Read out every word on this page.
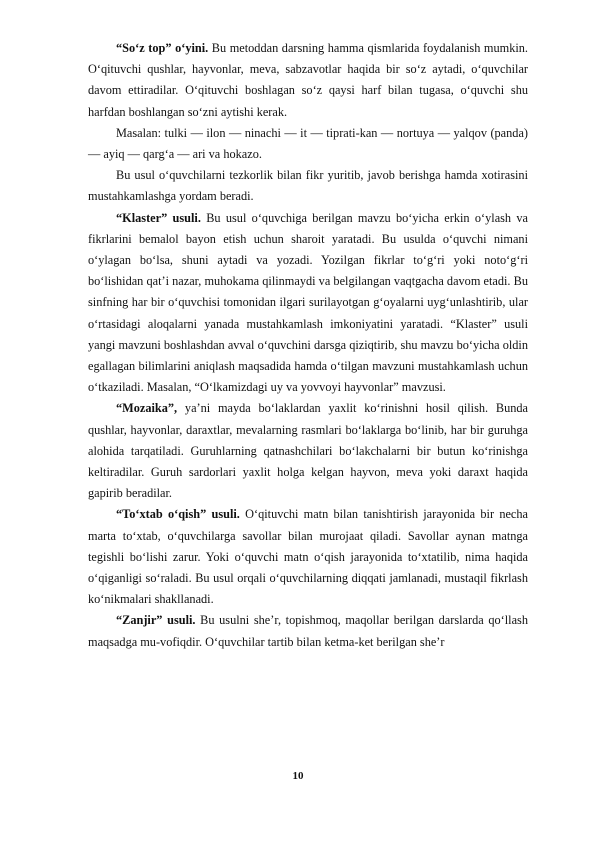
“So‘z top” o‘yini. Bu metoddan darsning hamma qismlarida foydalanish mumkin. O‘qituvchi qushlar, hayvonlar, meva, sabzavotlar haqida bir so‘z aytadi, o‘quvchilar davom ettiradilar. O‘qituvchi boshlagan so‘z qaysi harf bilan tugasa, o‘quvchi shu harfdan boshlangan so‘zni aytishi kerak.

Masalan: tulki — ilon — ninachi — it — tiprati-kan — nortuya — yalqov (panda) — ayiq — qarg‘a — ari va hokazo.

Bu usul o‘quvchilarni tezkorlik bilan fikr yuritib, javob berishga hamda xotirasini mustahkamlashga yordam beradi.

“Klaster” usuli. Bu usul o‘quvchiga berilgan mavzu bo‘yicha erkin o‘ylash va fikrlarini bemalol bayon etish uchun sharoit yaratadi. Bu usulda o‘quvchi nimani o‘ylagan bo‘lsa, shuni aytadi va yozadi. Yozilgan fikrlar to‘g‘ri yoki noto‘g‘ri bo‘lishidan qat’i nazar, muhokama qilinmaydi va belgilangan vaqtgacha davom etadi. Bu sinfning har bir o‘quvchisi tomonidan ilgari surilayotgan g‘oyalarni uyg‘unlashtirib, ular o‘rtasidagi aloqalarni yanada mustahkamlash imkoniyatini yaratadi. “Klaster” usuli yangi mavzuni boshlashdan avval o‘quvchini darsga qiziqtirib, shu mavzu bo‘yicha oldin egallagan bilimlarini aniqlash maqsadida hamda o‘tilgan mavzuni mustahkamlash uchun o‘tkaziladi. Masalan, “O‘lkamizdagi uy va yovvoyi hayvonlar” mavzusi.

“Mozaika”, ya’ni mayda bo‘laklardan yaxlit ko‘rinishni hosil qilish. Bunda qushlar, hayvonlar, daraxtlar, mevalarning rasmlari bo‘laklarga bo‘linib, har bir guruhga alohida tarqatiladi. Guruhlarning qatnashchilari bo‘lakchalarni bir butun ko‘rinishga keltiradilar. Guruh sardorlari yaxlit holga kelgan hayvon, meva yoki daraxt haqida gapirib beradilar.

“To‘xtab o‘qish” usuli. O‘qituvchi matn bilan tanishtirish jarayonida bir necha marta to‘xtab, o‘quvchilarga savollar bilan murojaat qiladi. Savollar aynan matnga tegishli bo‘lishi zarur. Yoki o‘quvchi matn o‘qish jarayonida to‘xtatilib, nima haqida o‘qiganligi so‘raladi. Bu usul orqali o‘quvchilarning diqqati jamlanadi, mustaqil fikrlash ko‘nikmalari shakllanadi.

“Zanjir” usuli. Bu usulni she’r, topishmoq, maqollar berilgan darslarda qo‘llash maqsadga mu-vofiqdir. O‘quvchilar tartib bilan ketma-ket berilgan she’r

10
